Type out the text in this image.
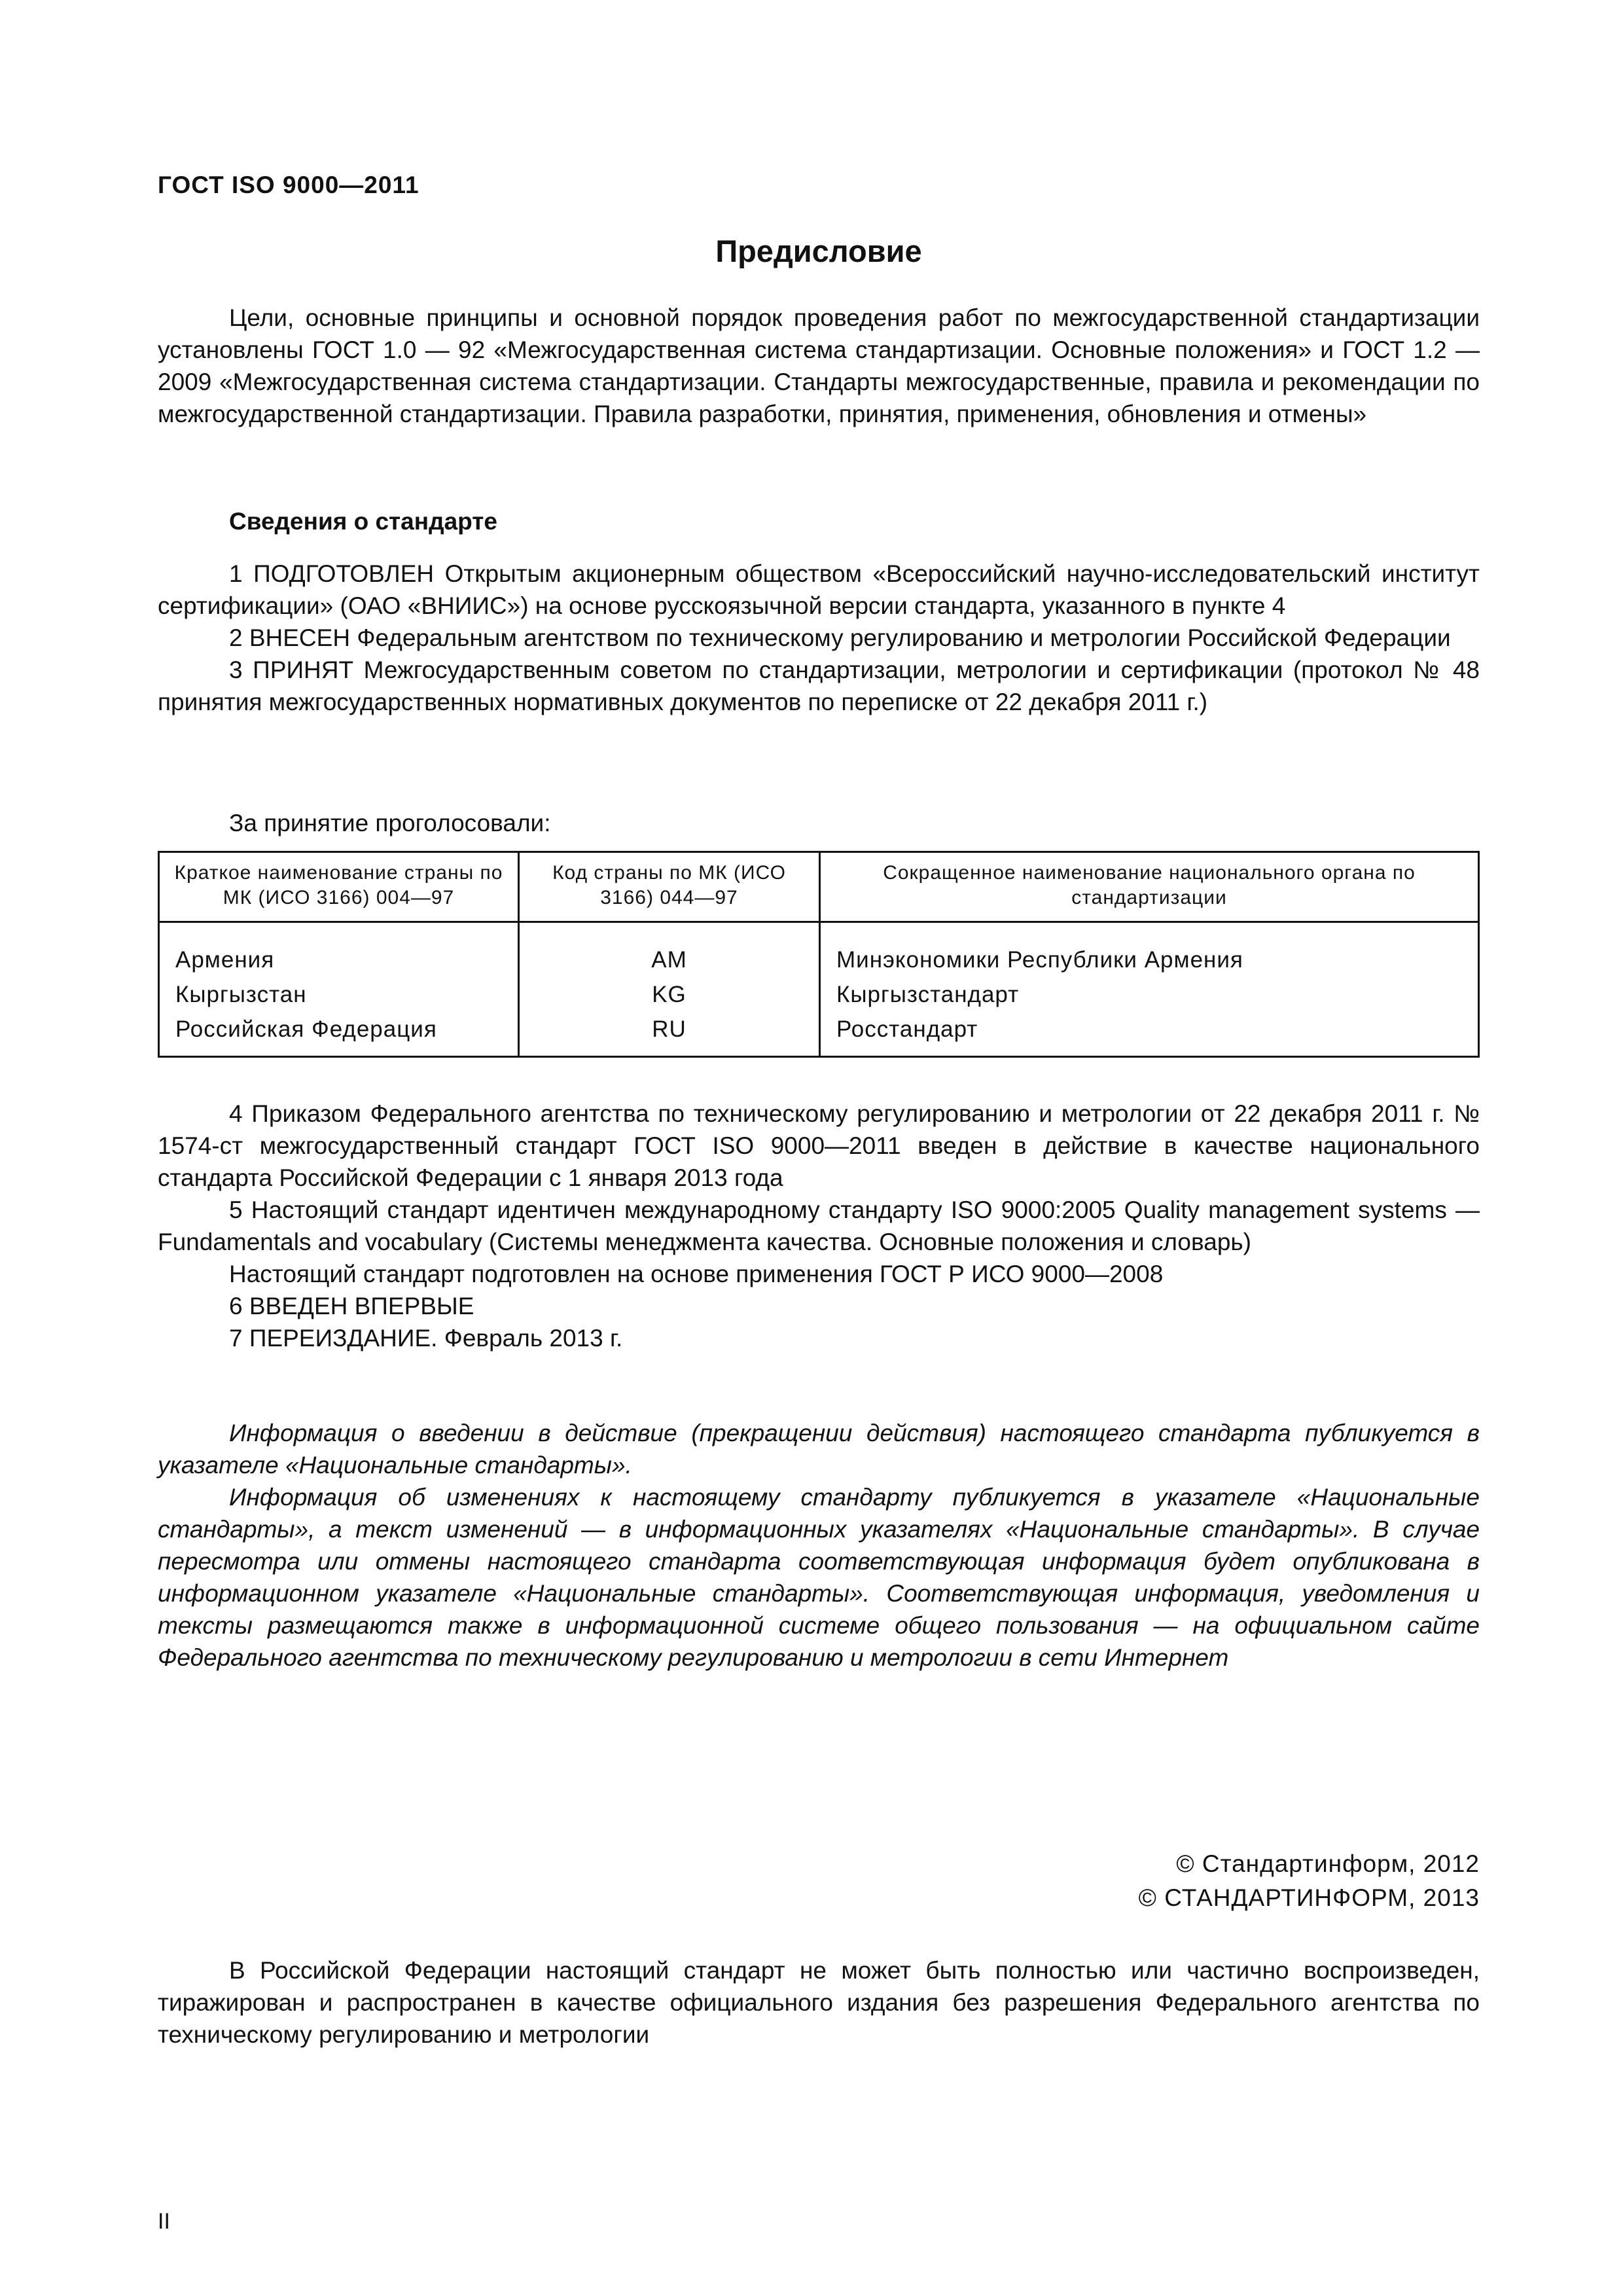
ГОСТ ISO 9000—2011
Предисловие

Цели, основные принципы и основной порядок проведения работ по межгосударственной стандартизации установлены ГОСТ 1.0 — 92 «Межгосударственная система стандартизации. Основные положения» и ГОСТ 1.2 — 2009 «Межгосударственная система стандартизации. Стандарты межгосударственные, правила и рекомендации по межгосударственной стандартизации. Правила разработки, принятия, применения, обновления и отмены»

Сведения о стандарте

1 ПОДГОТОВЛЕН Открытым акционерным обществом «Всероссийский научно-исследовательский институт сертификации» (ОАО «ВНИИС») на основе русскоязычной версии стандарта, указанного в пункте 4

2 ВНЕСЕН Федеральным агентством по техническому регулированию и метрологии Российской Федерации

3 ПРИНЯТ Межгосударственным советом по стандартизации, метрологии и сертификации (протокол № 48 принятия межгосударственных нормативных документов по переписке от 22 декабря 2011 г.)

За принятие проголосовали:

Краткое наименование страны по МК (ИСО 3166) 004—97	Код страны по МК (ИСО 3166) 044—97	Сокращенное наименование национального органа по стандартизации
Армения	AM	Минэкономики Республики Армения
Кыргызстан	KG	Кыргызстандарт
Российская Федерация	RU	Росстандарт

4 Приказом Федерального агентства по техническому регулированию и метрологии от 22 декабря 2011 г. № 1574-ст межгосударственный стандарт ГОСТ ISO 9000—2011 введен в действие в качестве национального стандарта Российской Федерации с 1 января 2013 года

5 Настоящий стандарт идентичен международному стандарту ISO 9000:2005 Quality management systems — Fundamentals and vocabulary (Системы менеджмента качества. Основные положения и словарь)

Настоящий стандарт подготовлен на основе применения ГОСТ Р ИСО 9000—2008

6 ВВЕДЕН ВПЕРВЫЕ

7 ПЕРЕИЗДАНИЕ. Февраль 2013 г.

Информация о введении в действие (прекращении действия) настоящего стандарта публикуется в указателе «Национальные стандарты».

Информация об изменениях к настоящему стандарту публикуется в указателе «Национальные стандарты», а текст изменений — в информационных указателях «Национальные стандарты». В случае пересмотра или отмены настоящего стандарта соответствующая информация будет опубликована в информационном указателе «Национальные стандарты». Соответствующая информация, уведомления и тексты размещаются также в информационной системе общего пользования — на официальном сайте Федерального агентства по техническому регулированию и метрологии в сети Интернет

© Стандартинформ, 2012
© СТАНДАРТИНФОРМ, 2013

В Российской Федерации настоящий стандарт не может быть полностью или частично воспроизведен, тиражирован и распространен в качестве официального издания без разрешения Федерального агентства по техническому регулированию и метрологии

II
